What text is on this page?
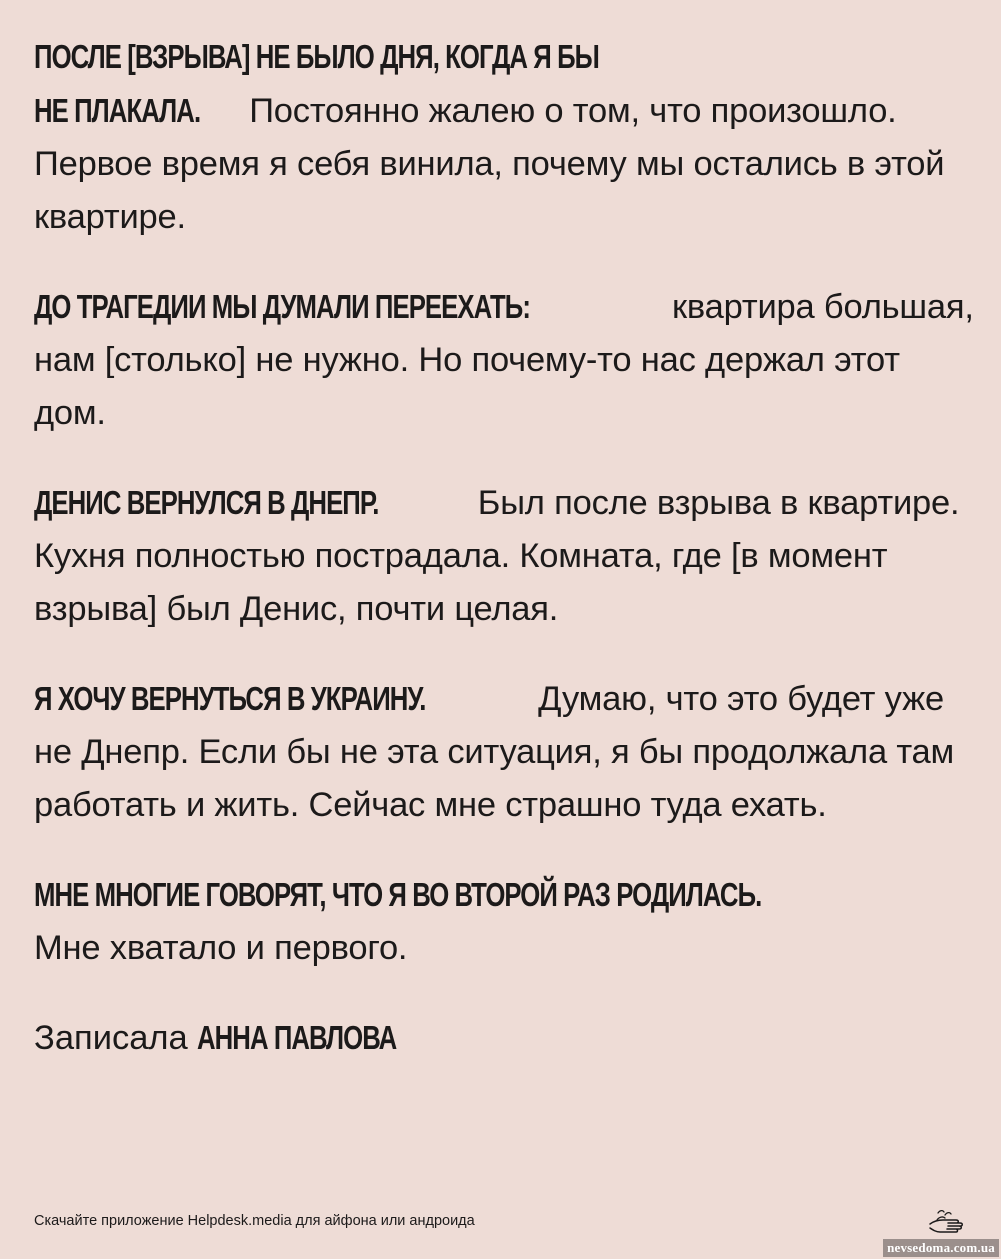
ПОСЛЕ [ВЗРЫВА] НЕ БЫЛО ДНЯ, КОГДА Я БЫ
НЕ ПЛАКАЛА. Постоянно жалею о том, что произошло. Первое время я себя винила, почему мы остались в этой квартире.

ДО ТРАГЕДИИ МЫ ДУМАЛИ ПЕРЕЕХАТЬ:	квартира большая, нам [столько] не нужно. Но почему-то нас держал этот дом.

ДЕНИС ВЕРНУЛСЯ В ДНЕПР.	Был после взрыва в квартире. Кухня полностью пострадала. Комната, где [в момент взрыва] был Денис, почти целая.

Я ХОЧУ ВЕРНУТЬСЯ В УКРАИНУ.	Думаю, что это будет уже не Днепр. Если бы не эта ситуация, я бы продолжала там работать и жить. Сейчас мне страшно туда ехать.

МНЕ МНОГИЕ ГОВОРЯТ, ЧТО Я ВО ВТОРОЙ РАЗ РОДИЛАСЬ.
Мне хватало и первого.

Записала АННА ПАВЛОВА

Скачайте приложение Helpdesk.media для айфона или андроида
nevsedoma.com.ua
